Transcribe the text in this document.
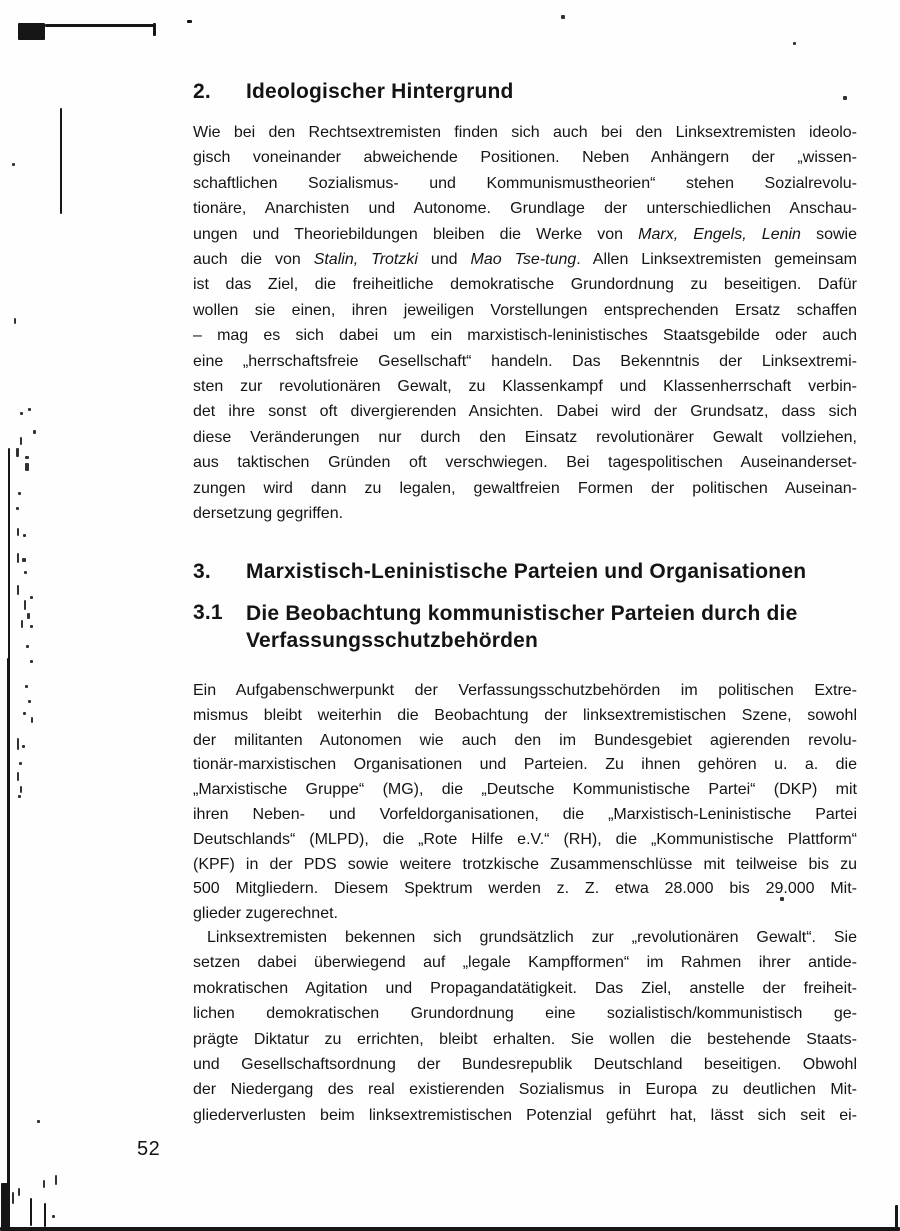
2.	Ideologischer Hintergrund
Wie bei den Rechtsextremisten finden sich auch bei den Linksextremisten ideolo-
gisch voneinander abweichende Positionen. Neben Anhängern der „wissen-
schaftlichen Sozialismus- und Kommunismustheorien“ stehen Sozialrevolu-
tionäre, Anarchisten und Autonome. Grundlage der unterschiedlichen Anschau-
ungen und Theoriebildungen bleiben die Werke von Marx, Engels, Lenin sowie
auch die von Stalin, Trotzki und Mao Tse-tung. Allen Linksextremisten gemeinsam
ist das Ziel, die freiheitliche demokratische Grundordnung zu beseitigen. Dafür
wollen sie einen, ihren jeweiligen Vorstellungen entsprechenden Ersatz schaffen
– mag es sich dabei um ein marxistisch-leninistisches Staatsgebilde oder auch
eine „herrschaftsfreie Gesellschaft“ handeln. Das Bekenntnis der Linksextremi-
sten zur revolutionären Gewalt, zu Klassenkampf und Klassenherrschaft verbin-
det ihre sonst oft divergierenden Ansichten. Dabei wird der Grundsatz, dass sich
diese Veränderungen nur durch den Einsatz revolutionärer Gewalt vollziehen,
aus taktischen Gründen oft verschwiegen. Bei tagespolitischen Auseinanderset-
zungen wird dann zu legalen, gewaltfreien Formen der politischen Auseinan-
dersetzung gegriffen.
3.	Marxistisch-Leninistische Parteien und Organisationen
3.1	Die Beobachtung kommunistischer Parteien durch die
Verfassungsschutzbehörden
Ein Aufgabenschwerpunkt der Verfassungsschutzbehörden im politischen Extre-
mismus bleibt weiterhin die Beobachtung der linksextremistischen Szene, sowohl
der militanten Autonomen wie auch den im Bundesgebiet agierenden revolu-
tionär-marxistischen Organisationen und Parteien. Zu ihnen gehören u. a. die
„Marxistische Gruppe“ (MG), die „Deutsche Kommunistische Partei“ (DKP) mit
ihren Neben- und Vorfeldorganisationen, die „Marxistisch-Leninistische Partei
Deutschlands“ (MLPD), die „Rote Hilfe e.V.“ (RH), die „Kommunistische Plattform“
(KPF) in der PDS sowie weitere trotzkische Zusammenschlüsse mit teilweise bis zu
500 Mitgliedern. Diesem Spektrum werden z. Z. etwa 28.000 bis 29.000 Mit-
glieder zugerechnet.
Linksextremisten bekennen sich grundsätzlich zur „revolutionären Gewalt“. Sie
setzen dabei überwiegend auf „legale Kampfformen“ im Rahmen ihrer antide-
mokratischen Agitation und Propagandatätigkeit. Das Ziel, anstelle der freiheit-
lichen demokratischen Grundordnung eine sozialistisch/kommunistisch ge-
prägte Diktatur zu errichten, bleibt erhalten. Sie wollen die bestehende Staats-
und Gesellschaftsordnung der Bundesrepublik Deutschland beseitigen. Obwohl
der Niedergang des real existierenden Sozialismus in Europa zu deutlichen Mit-
gliederverlusten beim linksextremistischen Potenzial geführt hat, lässt sich seit ei-
52
